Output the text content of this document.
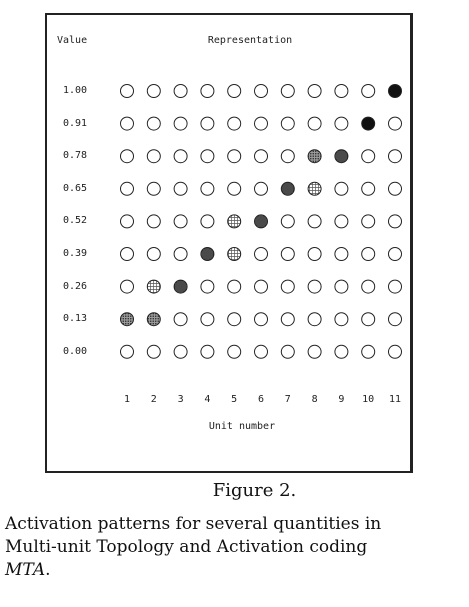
Value	Representation
1.00
0.91
0.78
0.65
0.52
0.39
0.26
0.13
0.00
1	2	3	4	5	6	7	8	9	10	11
Unit number
Figure 2.
Activation patterns for several quantities in
Multi-unit Topology and Activation coding
MTA.
